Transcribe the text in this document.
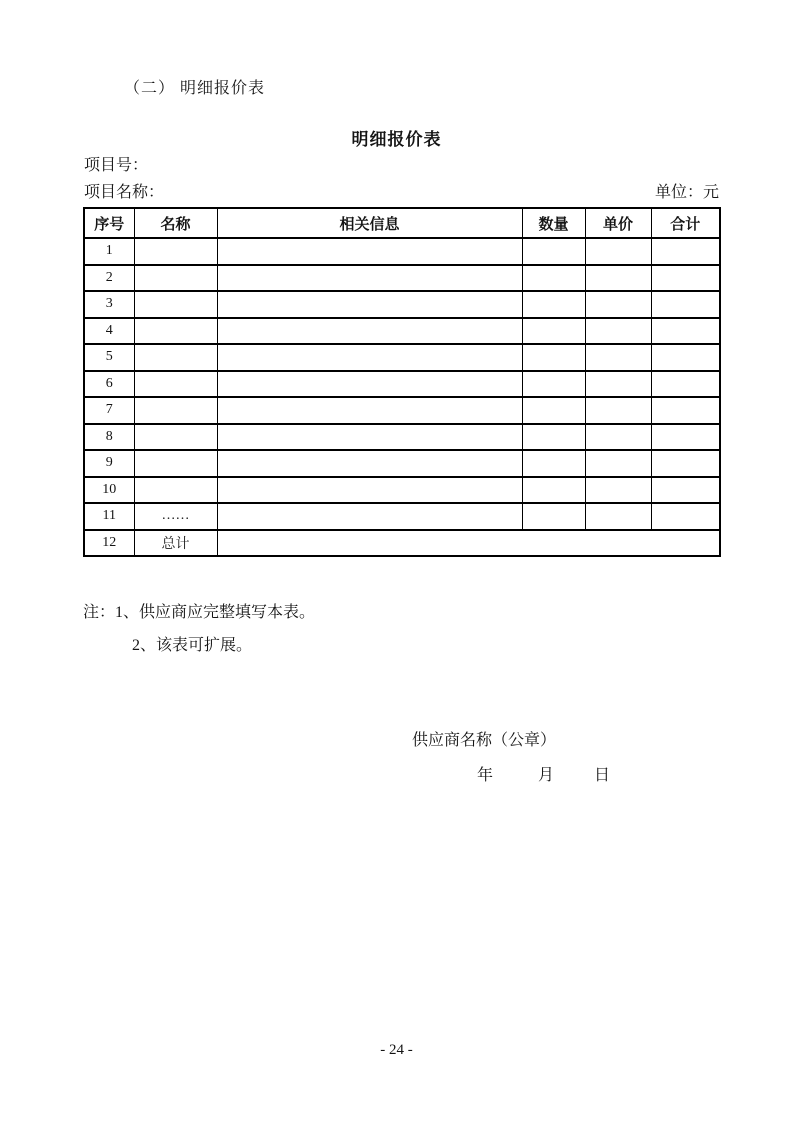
（二） 明细报价表
明细报价表
项目号：
项目名称：	单位：元
序号	名称	相关信息	数量	单价	合计
1					
2					
3					
4					
5					
6					
7					
8					
9					
10					
11	……				
12	总计				
注：1、供应商应完整填写本表。
2、该表可扩展。
供应商名称（公章）
年	月	日
- 24 -
